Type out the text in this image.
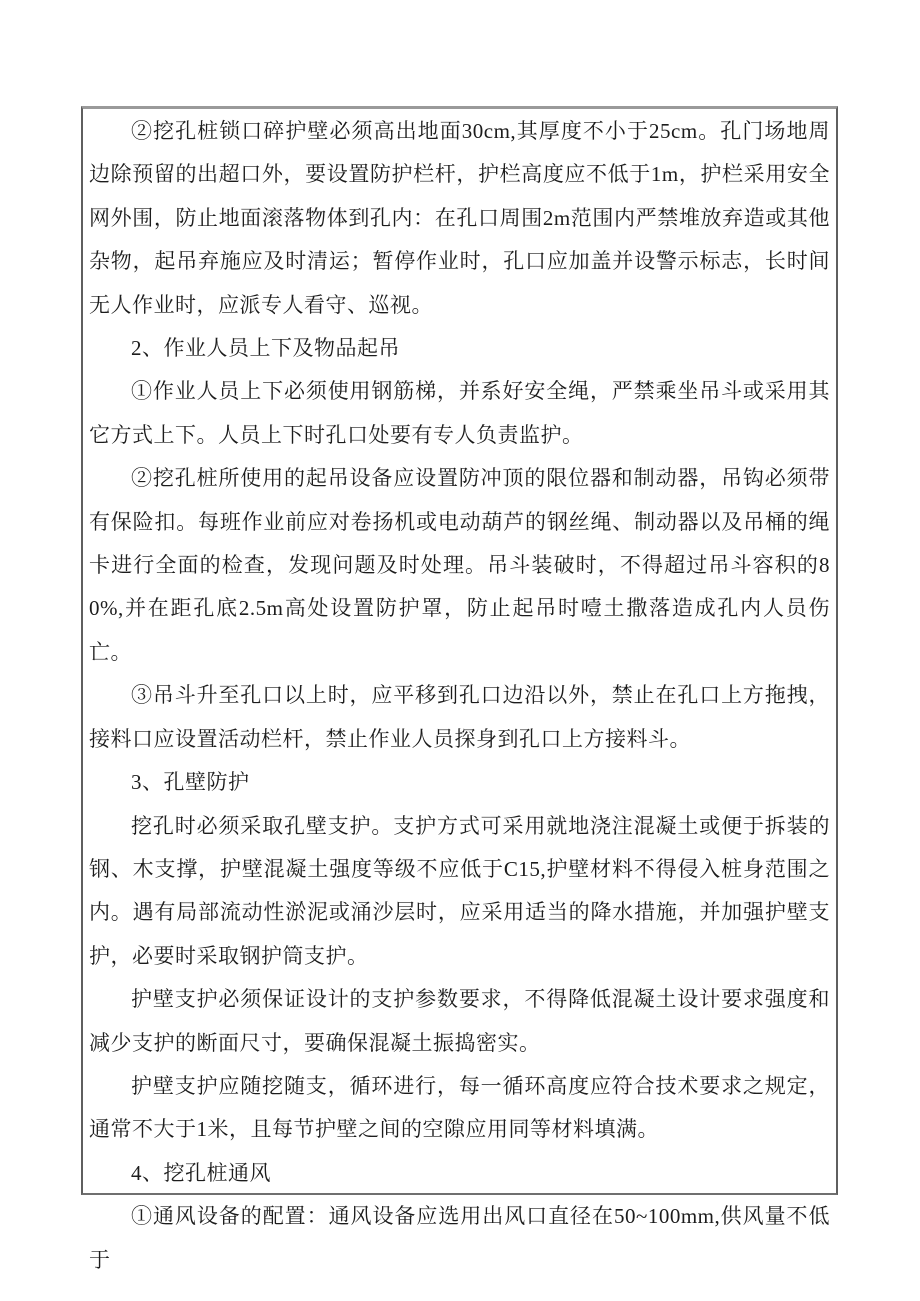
②挖孔桩锁口碎护壁必须高出地面30cm,其厚度不小于25cm。孔门场地周边除预留的出超口外，要设置防护栏杆，护栏高度应不低于1m，护栏采用安全网外围，防止地面滚落物体到孔内：在孔口周围2m范围内严禁堆放弃造或其他杂物，起吊弃施应及时清运；暂停作业时，孔口应加盖并设警示标志，长时间无人作业时，应派专人看守、巡视。

2、作业人员上下及物品起吊

①作业人员上下必须使用钢筋梯，并系好安全绳，严禁乘坐吊斗或采用其它方式上下。人员上下时孔口处要有专人负责监护。

②挖孔桩所使用的起吊设备应设置防冲顶的限位器和制动器，吊钩必须带有保险扣。每班作业前应对卷扬机或电动葫芦的钢丝绳、制动器以及吊桶的绳卡进行全面的检查，发现问题及时处理。吊斗装破时，不得超过吊斗容积的80%,并在距孔底2.5m高处设置防护罩，防止起吊时噎土撒落造成孔内人员伤亡。

③吊斗升至孔口以上时，应平移到孔口边沿以外，禁止在孔口上方拖拽，接料口应设置活动栏杆，禁止作业人员探身到孔口上方接料斗。

3、孔壁防护

挖孔时必须采取孔壁支护。支护方式可采用就地浇注混凝土或便于拆装的钢、木支撑，护壁混凝土强度等级不应低于C15,护壁材料不得侵入桩身范围之内。遇有局部流动性淤泥或涌沙层时，应采用适当的降水措施，并加强护壁支护，必要时采取钢护筒支护。

护壁支护必须保证设计的支护参数要求，不得降低混凝土设计要求强度和减少支护的断面尺寸，要确保混凝土振捣密实。

护壁支护应随挖随支，循环进行，每一循环高度应符合技术要求之规定，通常不大于1米，且每节护壁之间的空隙应用同等材料填满。

4、挖孔桩通风

①通风设备的配置：通风设备应选用出风口直径在50~100mm,供风量不低于
